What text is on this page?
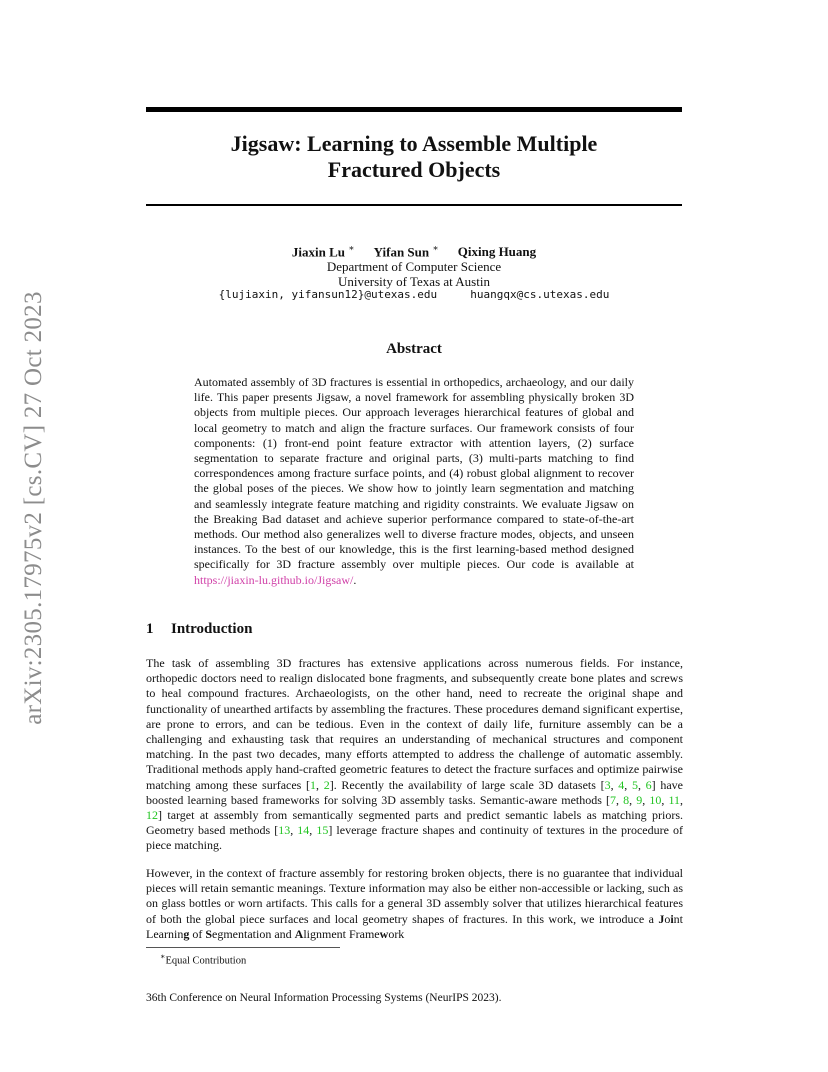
arXiv:2305.17975v2 [cs.CV] 27 Oct 2023
Jigsaw: Learning to Assemble Multiple
Fractured Objects
Jiaxin Lu ∗ Yifan Sun ∗ Qixing Huang
Department of Computer Science
University of Texas at Austin
{lujiaxin, yifansun12}@utexas.edu	huangqx@cs.utexas.edu
Abstract

Automated assembly of 3D fractures is essential in orthopedics, archaeology, and our daily life. This paper presents Jigsaw, a novel framework for assembling physically broken 3D objects from multiple pieces. Our approach leverages hierarchical features of global and local geometry to match and align the fracture surfaces. Our framework consists of four components: (1) front-end point feature extractor with attention layers, (2) surface segmentation to separate fracture and original parts, (3) multi-parts matching to find correspondences among fracture surface points, and (4) robust global alignment to recover the global poses of the pieces. We show how to jointly learn segmentation and matching and seamlessly integrate feature matching and rigidity constraints. We evaluate Jigsaw on the Breaking Bad dataset and achieve superior performance compared to state-of-the-art methods. Our method also generalizes well to diverse fracture modes, objects, and unseen instances. To the best of our knowledge, this is the first learning-based method designed specifically for 3D fracture assembly over multiple pieces. Our code is available at https://jiaxin-lu.github.io/Jigsaw/.

1 Introduction

The task of assembling 3D fractures has extensive applications across numerous fields. For instance, orthopedic doctors need to realign dislocated bone fragments, and subsequently create bone plates and screws to heal compound fractures. Archaeologists, on the other hand, need to recreate the original shape and functionality of unearthed artifacts by assembling the fractures. These procedures demand significant expertise, are prone to errors, and can be tedious. Even in the context of daily life, furniture assembly can be a challenging and exhausting task that requires an understanding of mechanical structures and component matching. In the past two decades, many efforts attempted to address the challenge of automatic assembly. Traditional methods apply hand-crafted geometric features to detect the fracture surfaces and optimize pairwise matching among these surfaces [1, 2]. Recently the availability of large scale 3D datasets [3, 4, 5, 6] have boosted learning based frameworks for solving 3D assembly tasks. Semantic-aware methods [7, 8, 9, 10, 11, 12] target at assembly from semantically segmented parts and predict semantic labels as matching priors. Geometry based methods [13, 14, 15] leverage fracture shapes and continuity of textures in the procedure of piece matching.

However, in the context of fracture assembly for restoring broken objects, there is no guarantee that individual pieces will retain semantic meanings. Texture information may also be either non-accessible or lacking, such as on glass bottles or worn artifacts. This calls for a general 3D assembly solver that utilizes hierarchical features of both the global piece surfaces and local geometry shapes of fractures. In this work, we introduce a Joint Learning of Segmentation and Alignment Framework

∗Equal Contribution
36th Conference on Neural Information Processing Systems (NeurIPS 2023).
